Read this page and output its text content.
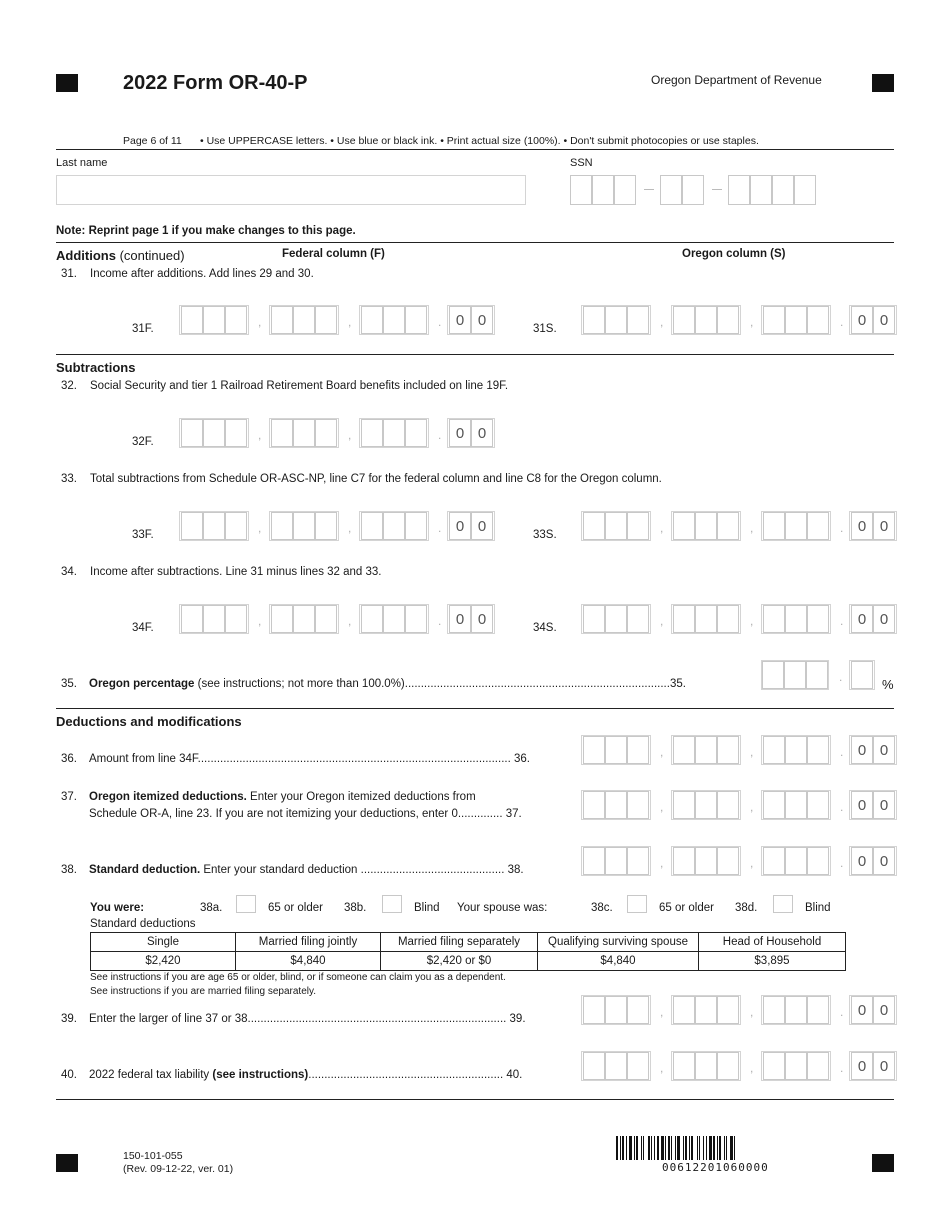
2022 Form OR-40-P	Oregon Department of Revenue
Page 6 of 11 • Use UPPERCASE letters. • Use blue or black ink. • Print actual size (100%). • Don't submit photocopies or use staples.
Last name	SSN
Note: Reprint page 1 if you make changes to this page.
Additions (continued)	Federal column (F)	Oregon column (S)
31. Income after additions. Add lines 29 and 30.
31F.	31S.
,	,	. 0 0	,	,	. 0 0
Subtractions
32. Social Security and tier 1 Railroad Retirement Board benefits included on line 19F.
32F.	,	,	. 0 0
33. Total subtractions from Schedule OR-ASC-NP, line C7 for the federal column and line C8 for the Oregon column.
33F.	33S.
,	,	. 0 0	,	,	. 0 0
34. Income after subtractions. Line 31 minus lines 32 and 33.
34F.	34S.
,	,	. 0 0	,	,	. 0 0
35. Oregon percentage (see instructions; not more than 100.0%)...................................................................................35.	.	%
Deductions and modifications
36. Amount from line 34F.................................................................................................. 36.	,	,	. 0 0
37. Oregon itemized deductions. Enter your Oregon itemized deductions from
Schedule OR-A, line 23. If you are not itemizing your deductions, enter 0.............. 37.	,	,	. 0 0
38. Standard deduction. Enter your standard deduction ............................................. 38.	,	,	. 0 0
You were:	38a.	65 or older 38b.	Blind Your spouse was:	38c.	65 or older 38d.	Blind
Standard deductions
Single	Married filing jointly	Married filing separately	Qualifying surviving spouse	Head of Household
$2,420	$4,840	$2,420 or $0	$4,840	$3,895
See instructions if you are age 65 or older, blind, or if someone can claim you as a dependent.
See instructions if you are married filing separately.
39. Enter the larger of line 37 or 38................................................................................. 39.	,	,	. 0 0
40. 2022 federal tax liability (see instructions)............................................................. 40.	,	,	. 0 0
150-101-055
(Rev. 09-12-22, ver. 01)	00612201060000
